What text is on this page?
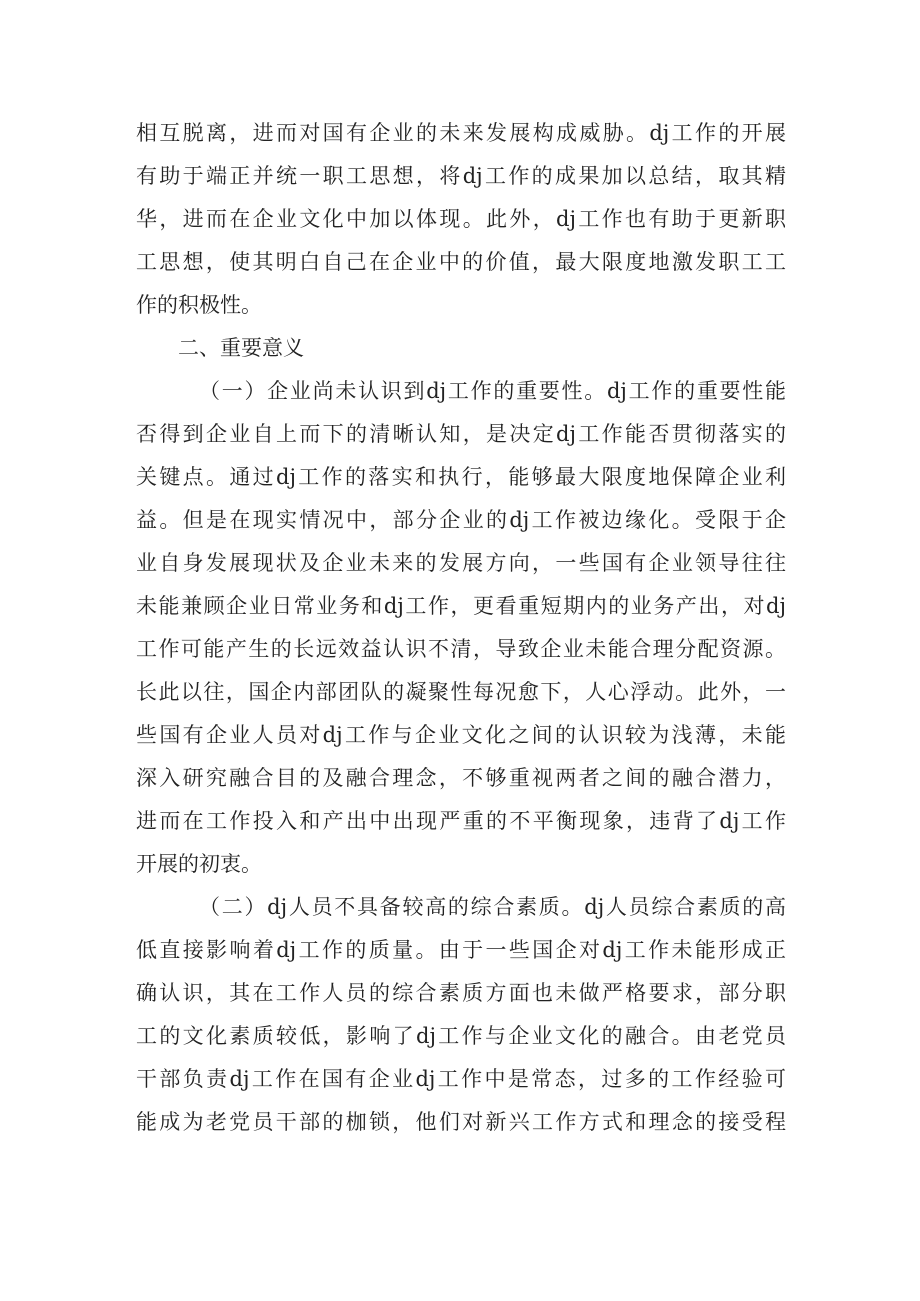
相互脱离，进而对国有企业的未来发展构成威胁。dj工作的开展
有助于端正并统一职工思想，将dj工作的成果加以总结，取其精
华，进而在企业文化中加以体现。此外，dj工作也有助于更新职
工思想，使其明白自己在企业中的价值，最大限度地激发职工工
作的积极性。
二、重要意义
（一）企业尚未认识到dj工作的重要性。dj工作的重要性能
否得到企业自上而下的清晰认知，是决定dj工作能否贯彻落实的
关键点。通过dj工作的落实和执行，能够最大限度地保障企业利
益。但是在现实情况中，部分企业的dj工作被边缘化。受限于企
业自身发展现状及企业未来的发展方向，一些国有企业领导往往
未能兼顾企业日常业务和dj工作，更看重短期内的业务产出，对dj
工作可能产生的长远效益认识不清，导致企业未能合理分配资源。
长此以往，国企内部团队的凝聚性每况愈下，人心浮动。此外，一
些国有企业人员对dj工作与企业文化之间的认识较为浅薄，未能
深入研究融合目的及融合理念，不够重视两者之间的融合潜力，
进而在工作投入和产出中出现严重的不平衡现象，违背了dj工作
开展的初衷。
（二）dj人员不具备较高的综合素质。dj人员综合素质的高
低直接影响着dj工作的质量。由于一些国企对dj工作未能形成正
确认识，其在工作人员的综合素质方面也未做严格要求，部分职
工的文化素质较低，影响了dj工作与企业文化的融合。由老党员
干部负责dj工作在国有企业dj工作中是常态，过多的工作经验可
能成为老党员干部的枷锁，他们对新兴工作方式和理念的接受程
